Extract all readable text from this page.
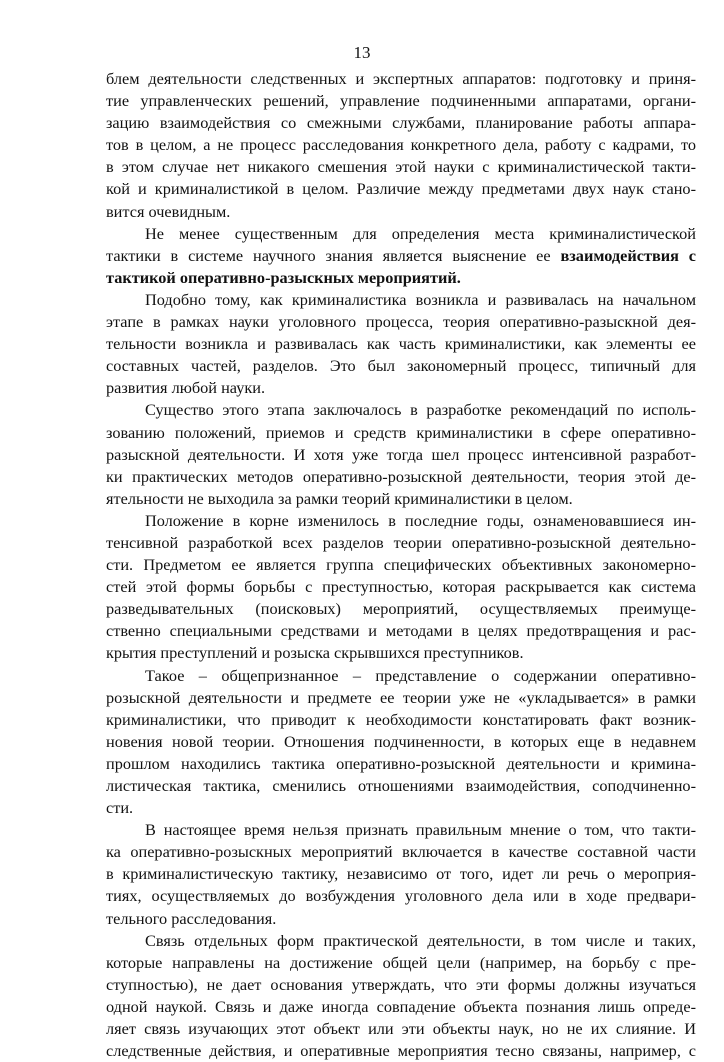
13
блем деятельности следственных и экспертных аппаратов: подготовку и приня-
тие управленческих решений, управление подчиненными аппаратами, органи-
зацию взаимодействия со смежными службами, планирование работы аппара-
тов в целом, а не процесс расследования конкретного дела, работу с кадрами, то
в этом случае нет никакого смешения этой науки с криминалистической такти-
кой и криминалистикой в целом. Различие между предметами двух наук стано-
вится очевидным.
Не менее существенным для определения места криминалистической
тактики в системе научного знания является выяснение ее взаимодействия с
тактикой оперативно-разыскных мероприятий.
Подобно тому, как криминалистика возникла и развивалась на начальном
этапе в рамках науки уголовного процесса, теория оперативно-разыскной дея-
тельности возникла и развивалась как часть криминалистики, как элементы ее
составных частей, разделов. Это был закономерный процесс, типичный для
развития любой науки.
Существо этого этапа заключалось в разработке рекомендаций по исполь-
зованию положений, приемов и средств криминалистики в сфере оперативно-
разыскной деятельности. И хотя уже тогда шел процесс интенсивной разработ-
ки практических методов оперативно-розыскной деятельности, теория этой де-
ятельности не выходила за рамки теорий криминалистики в целом.
Положение в корне изменилось в последние годы, ознаменовавшиеся ин-
тенсивной разработкой всех разделов теории оперативно-розыскной деятельно-
сти. Предметом ее является группа специфических объективных закономерно-
стей этой формы борьбы с преступностью, которая раскрывается как система
разведывательных (поисковых) мероприятий, осуществляемых преимуще-
ственно специальными средствами и методами в целях предотвращения и рас-
крытия преступлений и розыска скрывшихся преступников.
Такое – общепризнанное – представление о содержании оперативно-
розыскной деятельности и предмете ее теории уже не «укладывается» в рамки
криминалистики, что приводит к необходимости констатировать факт возник-
новения новой теории. Отношения подчиненности, в которых еще в недавнем
прошлом находились тактика оперативно-розыскной деятельности и кримина-
листическая тактика, сменились отношениями взаимодействия, соподчиненно-
сти.
В настоящее время нельзя признать правильным мнение о том, что такти-
ка оперативно-розыскных мероприятий включается в качестве составной части
в криминалистическую тактику, независимо от того, идет ли речь о мероприя-
тиях, осуществляемых до возбуждения уголовного дела или в ходе предвари-
тельного расследования.
Связь отдельных форм практической деятельности, в том числе и таких,
которые направлены на достижение общей цели (например, на борьбу с пре-
ступностью), не дает основания утверждать, что эти формы должны изучаться
одной наукой. Связь и даже иногда совпадение объекта познания лишь опреде-
ляет связь изучающих этот объект или эти объекты наук, но не их слияние. И
следственные действия, и оперативные мероприятия тесно связаны, например, с
